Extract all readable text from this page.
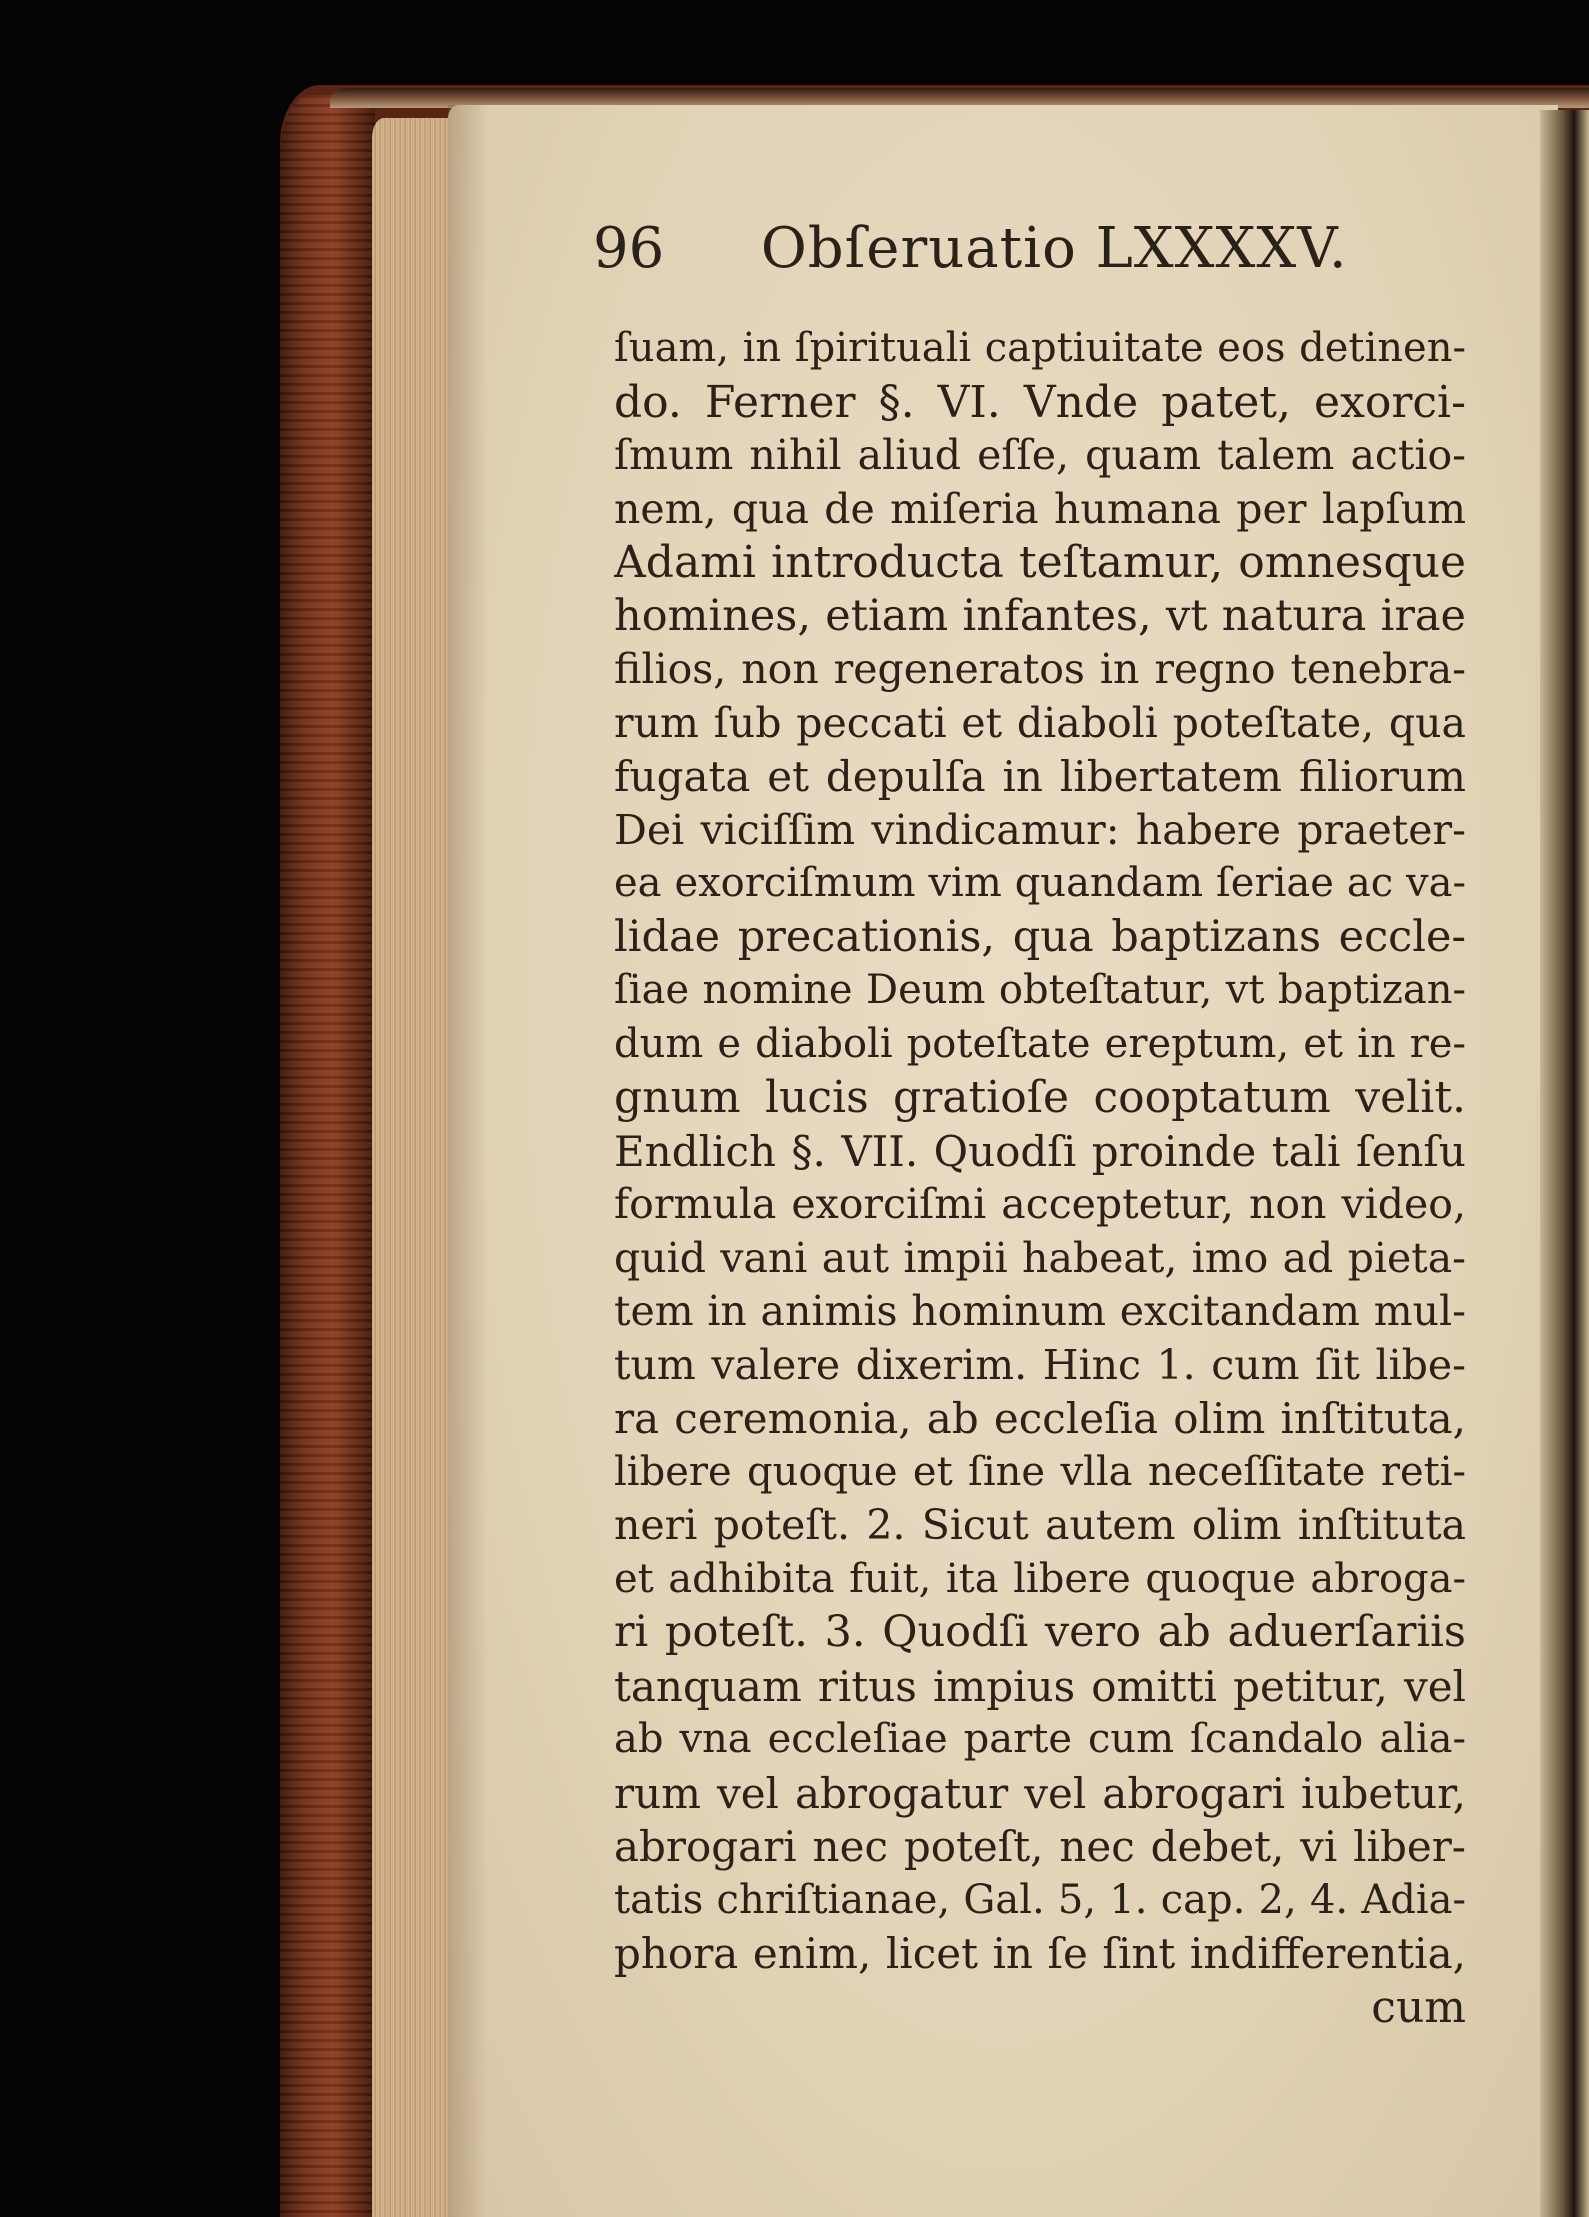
96 Obſeruatio LXXXXV.
ſuam, in ſpirituali captiuitate eos detinen-
do. Ferner §. VI. Vnde patet, exorci-
ſmum nihil aliud eſſe, quam talem actio-
nem, qua de miſeria humana per lapſum
Adami introducta teſtamur, omnesque
homines, etiam infantes, vt natura irae
filios, non regeneratos in regno tenebra-
rum ſub peccati et diaboli poteſtate, qua
fugata et depulſa in libertatem filiorum
Dei viciſſim vindicamur: habere praeter-
ea exorciſmum vim quandam ſeriae ac va-
lidae precationis, qua baptizans eccle-
ſiae nomine Deum obteſtatur, vt baptizan-
dum e diaboli poteſtate ereptum, et in re-
gnum lucis gratioſe cooptatum velit.
Endlich §. VII. Quodſi proinde tali ſenſu
formula exorciſmi acceptetur, non video,
quid vani aut impii habeat, imo ad pieta-
tem in animis hominum excitandam mul-
tum valere dixerim. Hinc 1. cum ſit libe-
ra ceremonia, ab eccleſia olim inſtituta,
libere quoque et ſine vlla neceſſitate reti-
neri poteſt. 2. Sicut autem olim inſtituta
et adhibita fuit, ita libere quoque abroga-
ri poteſt. 3. Quodſi vero ab aduerſariis
tanquam ritus impius omitti petitur, vel
ab vna eccleſiae parte cum ſcandalo alia-
rum vel abrogatur vel abrogari iubetur,
abrogari nec poteſt, nec debet, vi liber-
tatis chriſtianae, Gal. 5, 1. cap. 2, 4. Adia-
phora enim, licet in ſe ſint indifferentia,
cum
